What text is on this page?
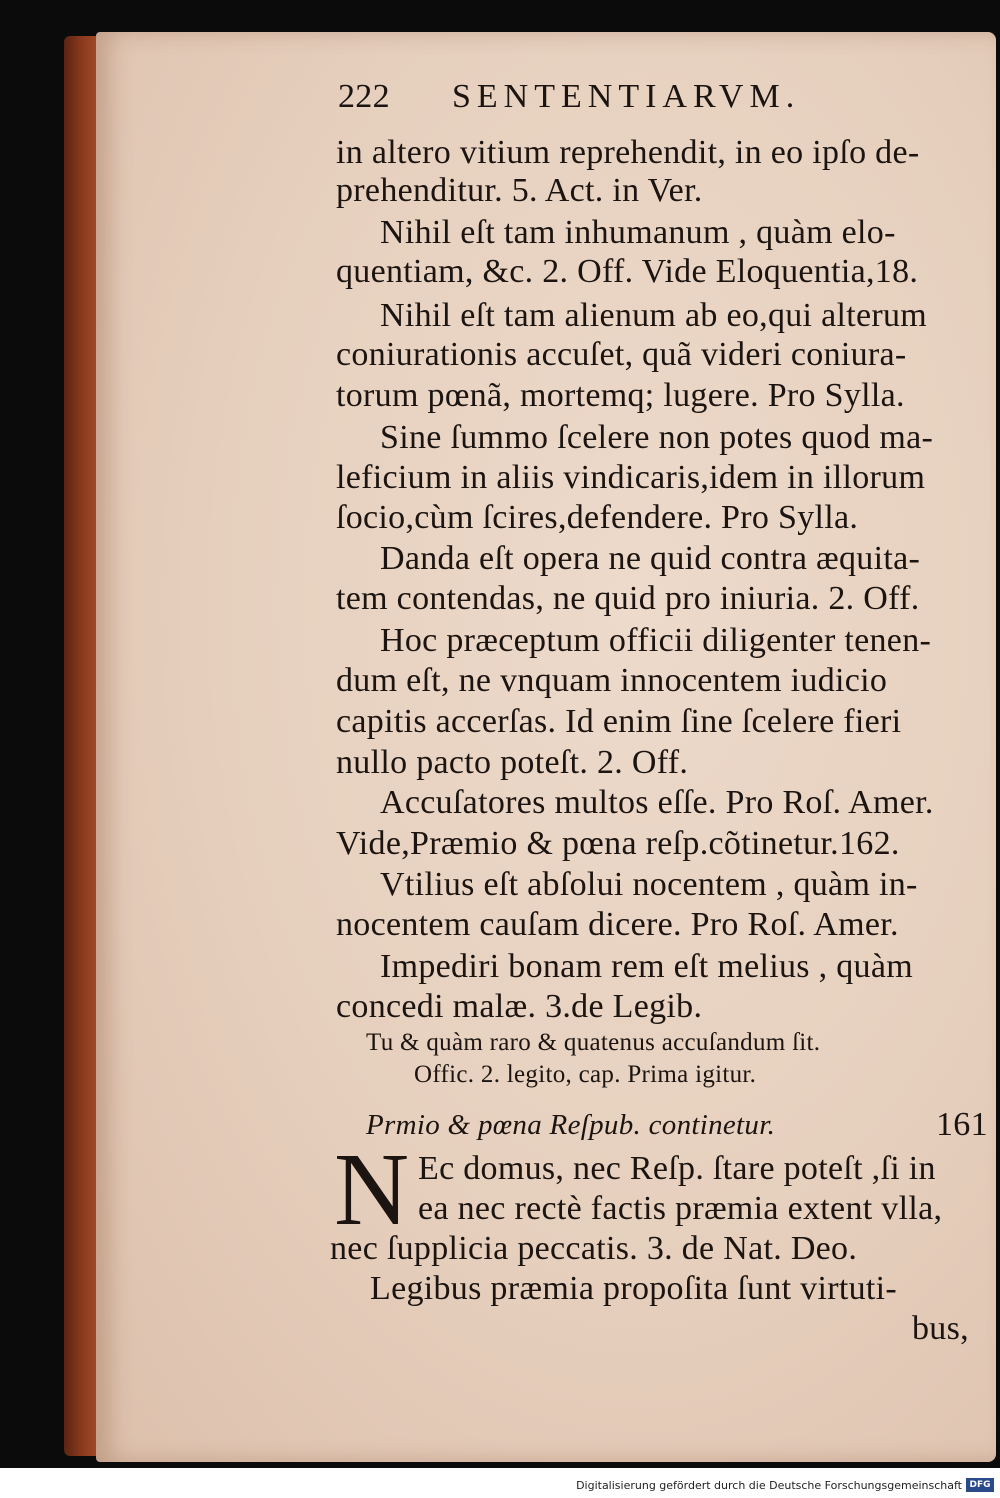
222 SENTENTIARVM.
in altero vitium reprehendit, in eo ipſo de-
prehenditur. 5. Act. in Ver.
Nihil eſt tam inhumanum , quàm elo-
quentiam, &c. 2. Off. Vide Eloquentia,18.
Nihil eſt tam alienum ab eo,qui alterum
coniurationis accuſet, quã videri coniura-
torum pœnã, mortemq; lugere. Pro Sylla.
Sine ſummo ſcelere non potes quod ma-
leficium in aliis vindicaris,idem in illorum
ſocio,cùm ſcires,defendere. Pro Sylla.
Danda eſt opera ne quid contra æquita-
tem contendas, ne quid pro iniuria. 2. Off.
Hoc præceptum officii diligenter tenen-
dum eſt, ne vnquam innocentem iudicio
capitis accerſas. Id enim ſine ſcelere fieri
nullo pacto poteſt. 2. Off.
Accuſatores multos eſſe. Pro Roſ. Amer.
Vide,Præmio & pœna reſp.cõtinetur.162.
Vtilius eſt abſolui nocentem , quàm in-
nocentem cauſam dicere. Pro Roſ. Amer.
Impediri bonam rem eſt melius , quàm
concedi malæ. 3.de Legib.
Tu & quàm raro & quatenus accuſandum ſit.
Offic. 2. legito, cap. Prima igitur.
Prmio & pœna Reſpub. continetur.	161
N Ec domus, nec Reſp. ſtare poteſt ,ſi in
ea nec rectè factis præmia extent vlla,
nec ſupplicia peccatis. 3. de Nat. Deo.
Legibus præmia propoſita ſunt virtuti-
bus,
Digitalisierung gefördert durch die Deutsche Forschungsgemeinschaft DFG
